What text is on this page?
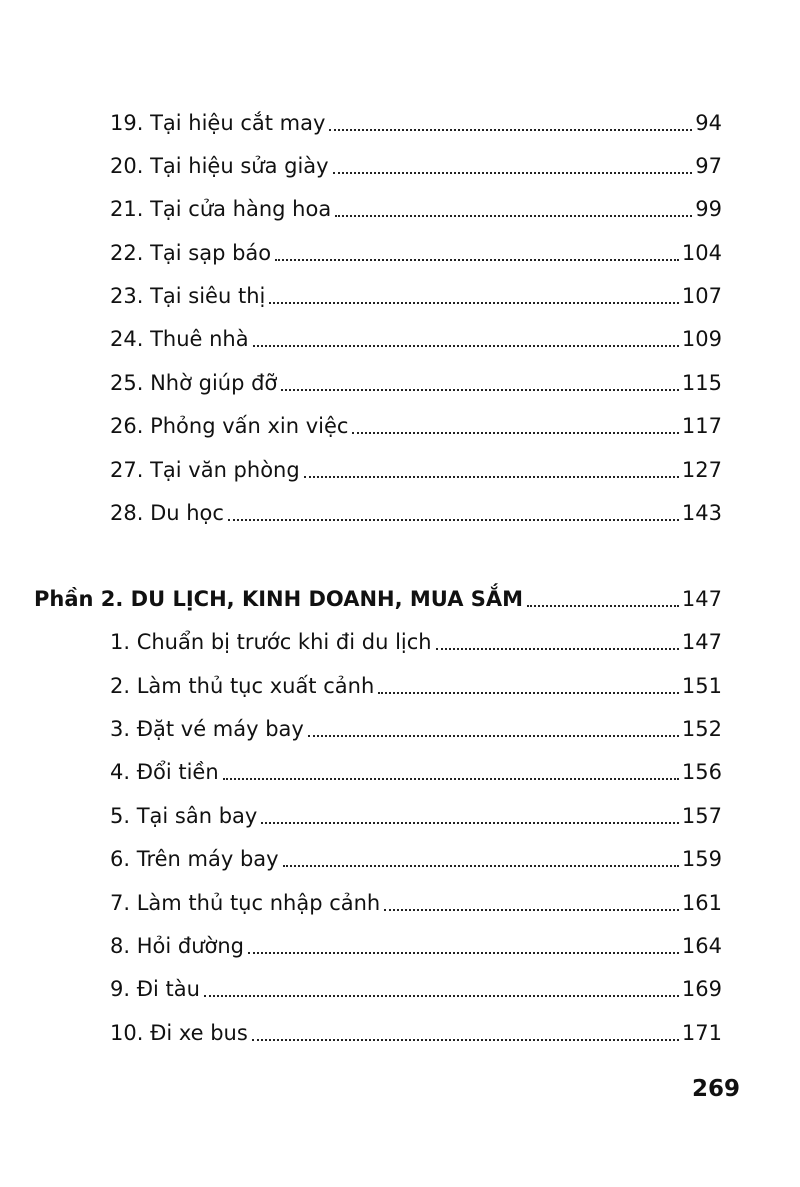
19. Tại hiệu cắt may	94
20. Tại hiệu sửa giày	97
21. Tại cửa hàng hoa	99
22. Tại sạp báo	104
23. Tại siêu thị	107
24. Thuê nhà	109
25. Nhờ giúp đỡ	115
26. Phỏng vấn xin việc	117
27. Tại văn phòng	127
28. Du học	143
Phần 2. DU LỊCH, KINH DOANH, MUA SẮM	147
1. Chuẩn bị trước khi đi du lịch	147
2. Làm thủ tục xuất cảnh	151
3. Đặt vé máy bay	152
4. Đổi tiền	156
5. Tại sân bay	157
6. Trên máy bay	159
7. Làm thủ tục nhập cảnh	161
8. Hỏi đường	164
9. Đi tàu	169
10. Đi xe bus	171
269
